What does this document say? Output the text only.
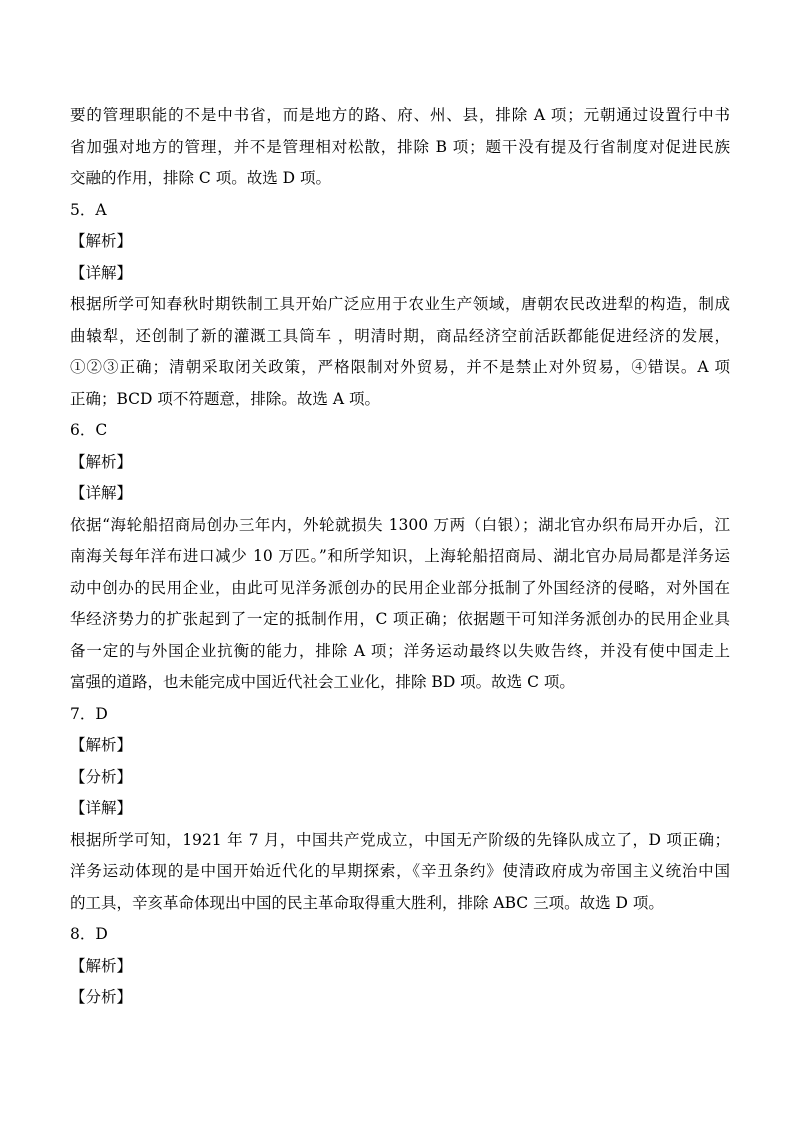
要的管理职能的不是中书省，而是地方的路、府、州、县，排除 A 项；元朝通过设置行中书
省加强对地方的管理，并不是管理相对松散，排除 B 项；题干没有提及行省制度对促进民族
交融的作用，排除 C 项。故选 D 项。
5．A
【解析】
【详解】
根据所学可知春秋时期铁制工具开始广泛应用于农业生产领域，唐朝农民改进犁的构造，制成
曲辕犁，还创制了新的灌溉工具筒车 ，明清时期，商品经济空前活跃都能促进经济的发展，
①②③正确；清朝采取闭关政策，严格限制对外贸易，并不是禁止对外贸易，④错误。A 项
正确；BCD 项不符题意，排除。故选 A 项。
6．C
【解析】
【详解】
依据“海轮船招商局创办三年内，外轮就损失 1300 万两（白银）；湖北官办织布局开办后，江
南海关每年洋布进口减少 10 万匹。”和所学知识，上海轮船招商局、湖北官办局局都是洋务运
动中创办的民用企业，由此可见洋务派创办的民用企业部分抵制了外国经济的侵略，对外国在
华经济势力的扩张起到了一定的抵制作用，C 项正确；依据题干可知洋务派创办的民用企业具
备一定的与外国企业抗衡的能力，排除 A 项；洋务运动最终以失败告终，并没有使中国走上
富强的道路，也未能完成中国近代社会工业化，排除 BD 项。故选 C 项。
7．D
【解析】
【分析】
【详解】
根据所学可知，1921 年 7 月，中国共产党成立，中国无产阶级的先锋队成立了，D 项正确；
洋务运动体现的是中国开始近代化的早期探索，《辛丑条约》使清政府成为帝国主义统治中国
的工具，辛亥革命体现出中国的民主革命取得重大胜利，排除 ABC 三项。故选 D 项。
8．D
【解析】
【分析】
